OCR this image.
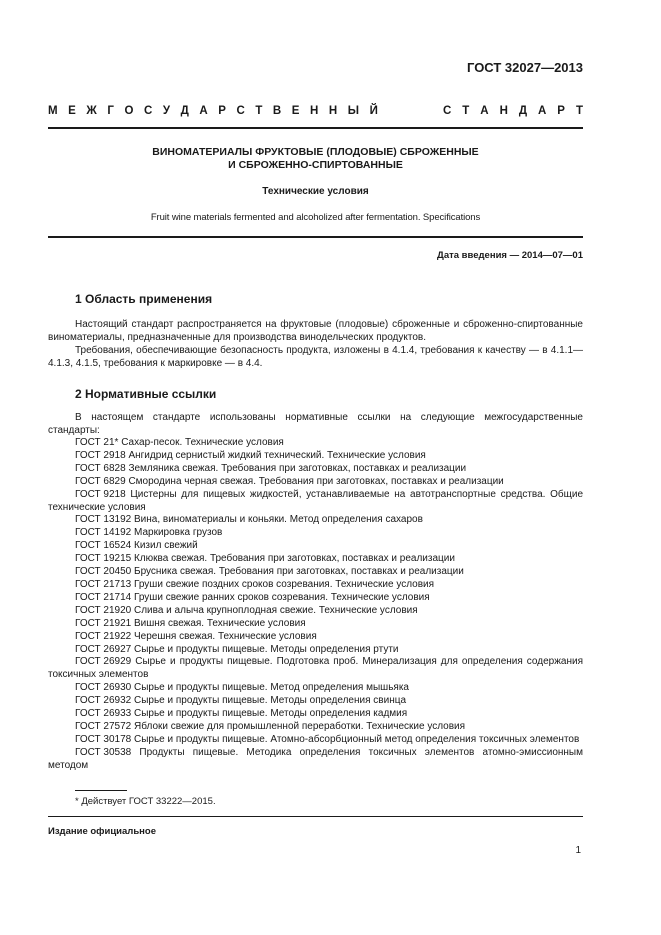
ГОСТ 32027—2013
М Е Ж Г О С У Д А Р С Т В Е Н Н Ы Й	С Т А Н Д А Р Т
ВИНОМАТЕРИАЛЫ ФРУКТОВЫЕ (ПЛОДОВЫЕ) СБРОЖЕННЫЕ
И СБРОЖЕННО-СПИРТОВАННЫЕ
Технические условия
Fruit wine materials fermented and alcoholized after fermentation. Specifications
Дата введения — 2014—07—01
1 Область применения
Настоящий стандарт распространяется на фруктовые (плодовые) сброженные и сброженно-спиртованные виноматериалы, предназначенные для производства винодельческих продуктов.
Требования, обеспечивающие безопасность продукта, изложены в 4.1.4, требования к качеству — в 4.1.1—4.1.3, 4.1.5, требования к маркировке — в 4.4.
2 Нормативные ссылки
В настоящем стандарте использованы нормативные ссылки на следующие межгосударственные стандарты:
ГОСТ 21* Сахар-песок. Технические условия
ГОСТ 2918 Ангидрид сернистый жидкий технический. Технические условия
ГОСТ 6828 Земляника свежая. Требования при заготовках, поставках и реализации
ГОСТ 6829 Смородина черная свежая. Требования при заготовках, поставках и реализации
ГОСТ 9218 Цистерны для пищевых жидкостей, устанавливаемые на автотранспортные средства. Общие технические условия
ГОСТ 13192 Вина, виноматериалы и коньяки. Метод определения сахаров
ГОСТ 14192 Маркировка грузов
ГОСТ 16524 Кизил свежий
ГОСТ 19215 Клюква свежая. Требования при заготовках, поставках и реализации
ГОСТ 20450 Брусника свежая. Требования при заготовках, поставках и реализации
ГОСТ 21713 Груши свежие поздних сроков созревания. Технические условия
ГОСТ 21714 Груши свежие ранних сроков созревания. Технические условия
ГОСТ 21920 Слива и алыча крупноплодная свежие. Технические условия
ГОСТ 21921 Вишня свежая. Технические условия
ГОСТ 21922 Черешня свежая. Технические условия
ГОСТ 26927 Сырье и продукты пищевые. Методы определения ртути
ГОСТ 26929 Сырье и продукты пищевые. Подготовка проб. Минерализация для определения содержания токсичных элементов
ГОСТ 26930 Сырье и продукты пищевые. Метод определения мышьяка
ГОСТ 26932 Сырье и продукты пищевые. Методы определения свинца
ГОСТ 26933 Сырье и продукты пищевые. Методы определения кадмия
ГОСТ 27572 Яблоки свежие для промышленной переработки. Технические условия
ГОСТ 30178 Сырье и продукты пищевые. Атомно-абсорбционный метод определения токсичных элементов
ГОСТ 30538 Продукты пищевые. Методика определения токсичных элементов атомно-эмиссионным методом
* Действует ГОСТ 33222—2015.
Издание официальное
1
